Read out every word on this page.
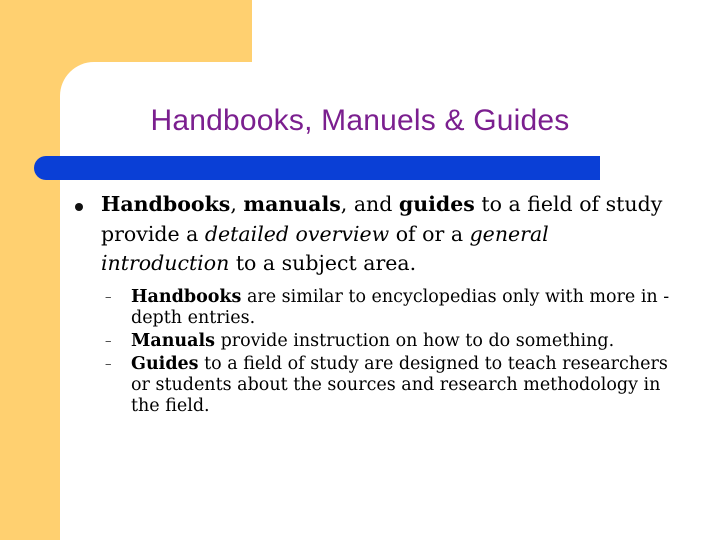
Handbooks, Manuels & Guides
Handbooks, manuals, and guides to a field of study provide a detailed overview of or a general introduction to a subject area.
– Handbooks are similar to encyclopedias only with more in -depth entries.
– Manuals provide instruction on how to do something.
– Guides to a field of study are designed to teach researchers or students about the sources and research methodology in the field.
